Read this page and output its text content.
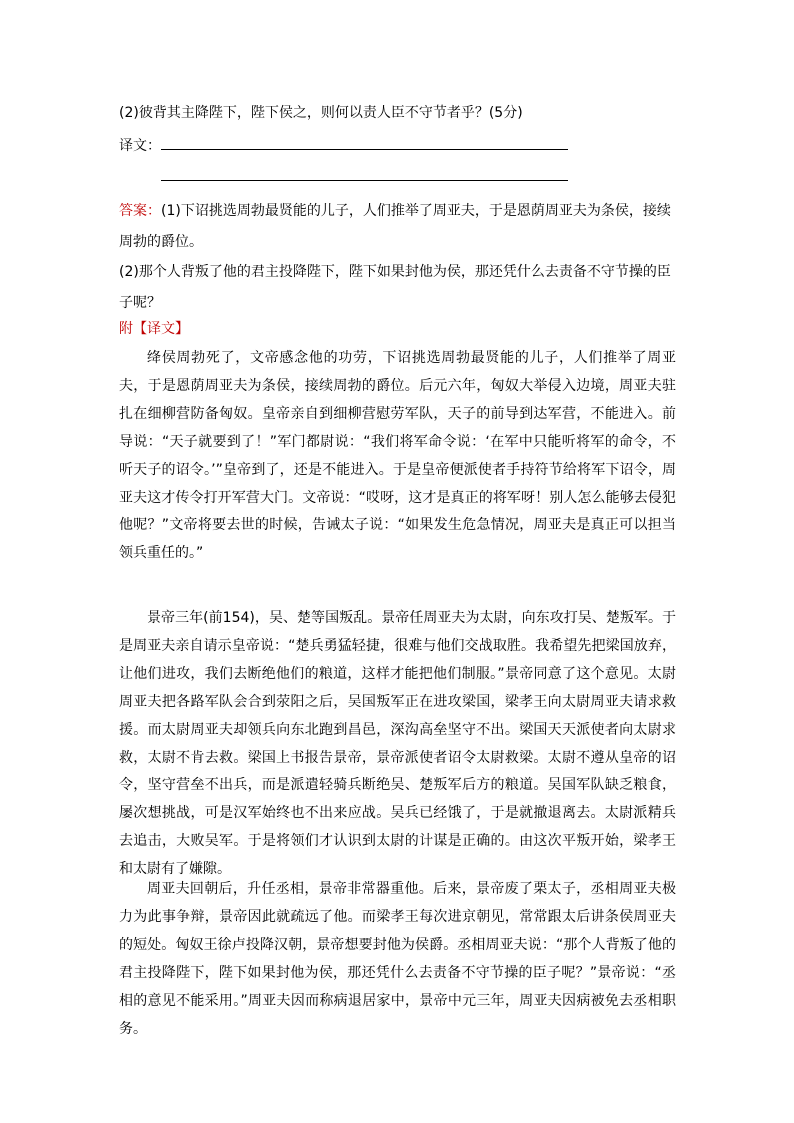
(2)彼背其主降陛下，陛下侯之，则何以责人臣不守节者乎？(5分)
译文：
答案：(1)下诏挑选周勃最贤能的儿子，人们推举了周亚夫，于是恩荫周亚夫为条侯，接续周勃的爵位。
(2)那个人背叛了他的君主投降陛下，陛下如果封他为侯，那还凭什么去责备不守节操的臣子呢？
附【译文】

绛侯周勃死了，文帝感念他的功劳，下诏挑选周勃最贤能的儿子，人们推举了周亚夫，于是恩荫周亚夫为条侯，接续周勃的爵位。后元六年，匈奴大举侵入边境，周亚夫驻扎在细柳营防备匈奴。皇帝亲自到细柳营慰劳军队，天子的前导到达军营，不能进入。前导说：“天子就要到了！”军门都尉说：“我们将军命令说：‘在军中只能听将军的命令，不听天子的诏令。’”皇帝到了，还是不能进入。于是皇帝便派使者手持符节给将军下诏令，周亚夫这才传令打开军营大门。文帝说：“哎呀，这才是真正的将军呀！别人怎么能够去侵犯他呢？”文帝将要去世的时候，告诫太子说：“如果发生危急情况，周亚夫是真正可以担当领兵重任的。”

景帝三年(前154)，吴、楚等国叛乱。景帝任周亚夫为太尉，向东攻打吴、楚叛军。于是周亚夫亲自请示皇帝说：“楚兵勇猛轻捷，很难与他们交战取胜。我希望先把梁国放弃，让他们进攻，我们去断绝他们的粮道，这样才能把他们制服。”景帝同意了这个意见。太尉周亚夫把各路军队会合到荥阳之后，吴国叛军正在进攻梁国，梁孝王向太尉周亚夫请求救援。而太尉周亚夫却领兵向东北跑到昌邑，深沟高垒坚守不出。梁国天天派使者向太尉求救，太尉不肯去救。梁国上书报告景帝，景帝派使者诏令太尉救梁。太尉不遵从皇帝的诏令，坚守营垒不出兵，而是派遣轻骑兵断绝吴、楚叛军后方的粮道。吴国军队缺乏粮食，屡次想挑战，可是汉军始终也不出来应战。吴兵已经饿了，于是就撤退离去。太尉派精兵去追击，大败吴军。于是将领们才认识到太尉的计谋是正确的。由这次平叛开始，梁孝王和太尉有了嫌隙。

周亚夫回朝后，升任丞相，景帝非常器重他。后来，景帝废了栗太子，丞相周亚夫极力为此事争辩，景帝因此就疏远了他。而梁孝王每次进京朝见，常常跟太后讲条侯周亚夫的短处。匈奴王徐卢投降汉朝，景帝想要封他为侯爵。丞相周亚夫说：“那个人背叛了他的君主投降陛下，陛下如果封他为侯，那还凭什么去责备不守节操的臣子呢？”景帝说：“丞相的意见不能采用。”周亚夫因而称病退居家中，景帝中元三年，周亚夫因病被免去丞相职务。
